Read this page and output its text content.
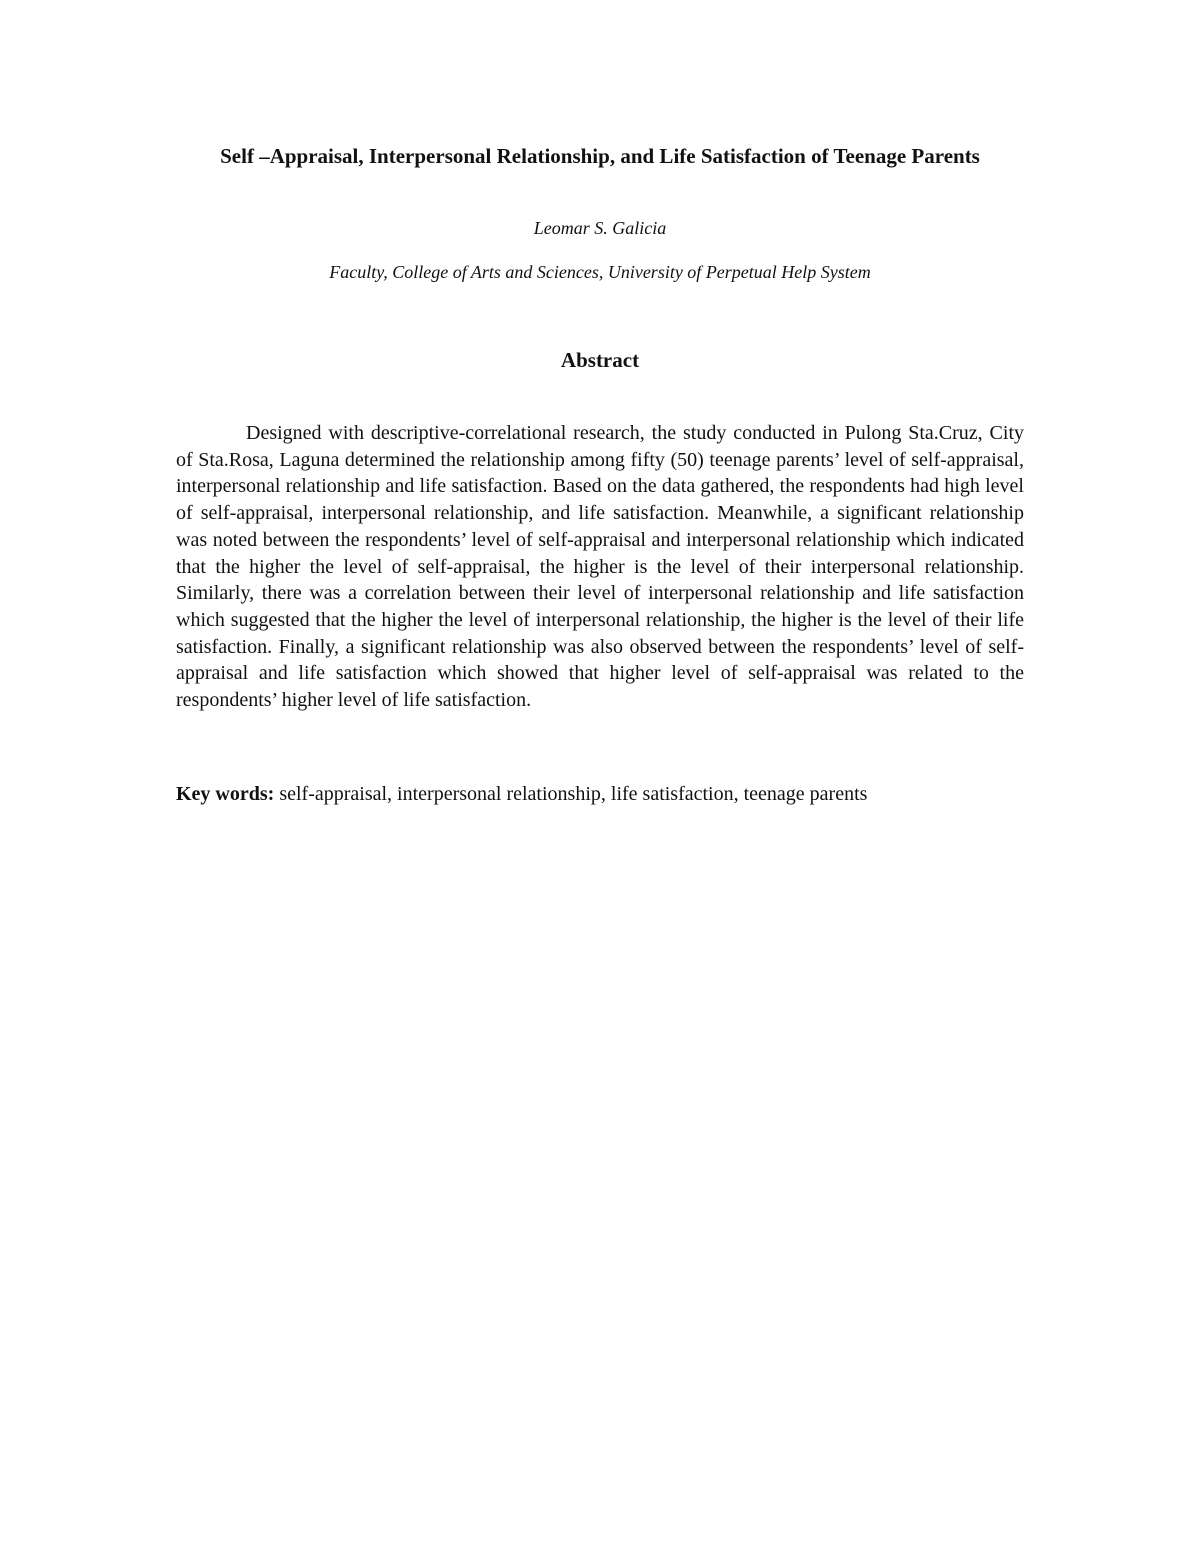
Self –Appraisal, Interpersonal Relationship, and Life Satisfaction of Teenage Parents

Leomar S. Galicia

Faculty, College of Arts and Sciences, University of Perpetual Help System

Abstract

Designed with descriptive-correlational research, the study conducted in Pulong Sta.Cruz, City of Sta.Rosa, Laguna determined the relationship among fifty (50) teenage parents’ level of self-appraisal, interpersonal relationship and life satisfaction. Based on the data gathered, the respondents had high level of self-appraisal, interpersonal relationship, and life satisfaction. Meanwhile, a significant relationship was noted between the respondents’ level of self-appraisal and interpersonal relationship which indicated that the higher the level of self-appraisal, the higher is the level of their interpersonal relationship. Similarly, there was a correlation between their level of interpersonal relationship and life satisfaction which suggested that the higher the level of interpersonal relationship, the higher is the level of their life satisfaction. Finally, a significant relationship was also observed between the respondents’ level of self-appraisal and life satisfaction which showed that higher level of self-appraisal was related to the respondents’ higher level of life satisfaction.

Key words: self-appraisal, interpersonal relationship, life satisfaction, teenage parents
